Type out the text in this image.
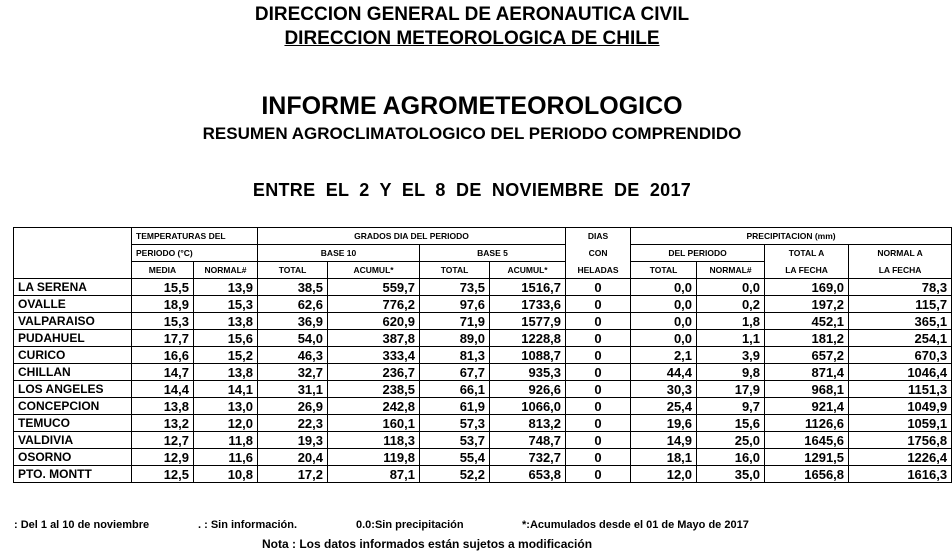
DIRECCION GENERAL DE AERONAUTICA CIVIL
DIRECCION METEOROLOGICA DE CHILE
INFORME AGROMETEOROLOGICO
RESUMEN AGROCLIMATOLOGICO DEL PERIODO COMPRENDIDO
ENTRE EL 2 Y EL 8 DE NOVIEMBRE DE 2017
	TEMPERATURAS DEL		GRADOS DIA DEL PERIODO				DIAS	PRECIPITACION (mm)			
	PERIODO (°C)		BASE 10		BASE 5		CON	DEL PERIODO		TOTAL A	NORMAL A
	MEDIA	NORMAL#	TOTAL	ACUMUL*	TOTAL	ACUMUL*	HELADAS	TOTAL	NORMAL#	LA FECHA	LA FECHA
LA SERENA	15,5	13,9	38,5	559,7	73,5	1516,7	0	0,0	0,0	169,0	78,3
OVALLE	18,9	15,3	62,6	776,2	97,6	1733,6	0	0,0	0,2	197,2	115,7
VALPARAISO	15,3	13,8	36,9	620,9	71,9	1577,9	0	0,0	1,8	452,1	365,1
PUDAHUEL	17,7	15,6	54,0	387,8	89,0	1228,8	0	0,0	1,1	181,2	254,1
CURICO	16,6	15,2	46,3	333,4	81,3	1088,7	0	2,1	3,9	657,2	670,3
CHILLAN	14,7	13,8	32,7	236,7	67,7	935,3	0	44,4	9,8	871,4	1046,4
LOS ANGELES	14,4	14,1	31,1	238,5	66,1	926,6	0	30,3	17,9	968,1	1151,3
CONCEPCION	13,8	13,0	26,9	242,8	61,9	1066,0	0	25,4	9,7	921,4	1049,9
TEMUCO	13,2	12,0	22,3	160,1	57,3	813,2	0	19,6	15,6	1126,6	1059,1
VALDIVIA	12,7	11,8	19,3	118,3	53,7	748,7	0	14,9	25,0	1645,6	1756,8
OSORNO	12,9	11,6	20,4	119,8	55,4	732,7	0	18,1	16,0	1291,5	1226,4
PTO. MONTT	12,5	10,8	17,2	87,1	52,2	653,8	0	12,0	35,0	1656,8	1616,3
: Del 1 al 10 de noviembre	. : Sin información.	0.0:Sin precipitación	*:Acumulados desde el 01 de Mayo de 2017
Nota : Los datos informados están sujetos a modificación
